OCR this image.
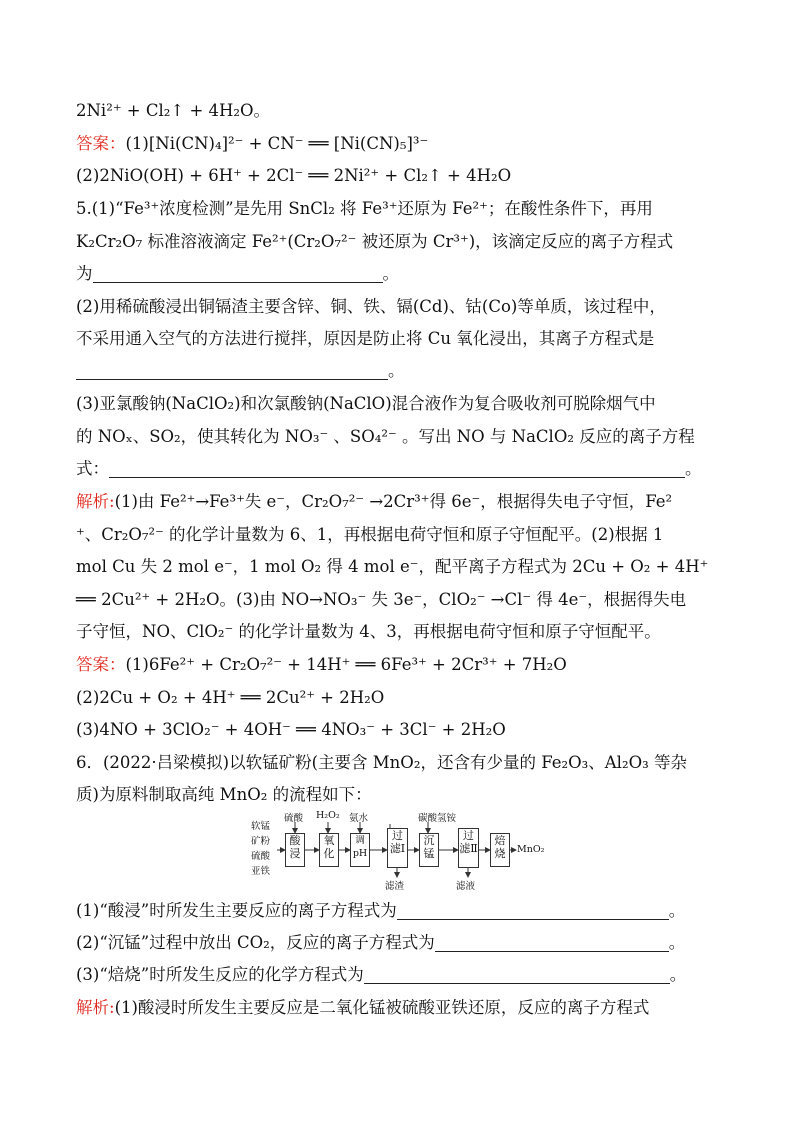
2Ni²⁺ + Cl₂↑ + 4H₂O。
答案：(1)[Ni(CN)₄]²⁻ + CN⁻ ══ [Ni(CN)₅]³⁻
(2)2NiO(OH) + 6H⁺ + 2Cl⁻ ══ 2Ni²⁺ + Cl₂↑ + 4H₂O
5.(1)“Fe³⁺浓度检测”是先用 SnCl₂ 将 Fe³⁺还原为 Fe²⁺；在酸性条件下，再用
K₂Cr₂O₇ 标准溶液滴定 Fe²⁺(Cr₂O₇²⁻ 被还原为 Cr³⁺)，该滴定反应的离子方程式
为	。
(2)用稀硫酸浸出铜镉渣主要含锌、铜、铁、镉(Cd)、钴(Co)等单质，该过程中，
不采用通入空气的方法进行搅拌，原因是防止将 Cu 氧化浸出，其离子方程式是
。
(3)亚氯酸钠(NaClO₂)和次氯酸钠(NaClO)混合液作为复合吸收剂可脱除烟气中
的 NOₓ、SO₂，使其转化为 NO₃⁻ 、SO₄²⁻ 。写出 NO 与 NaClO₂ 反应的离子方程
式：	。
解析:(1)由 Fe²⁺→Fe³⁺失 e⁻，Cr₂O₇²⁻ →2Cr³⁺得 6e⁻，根据得失电子守恒，Fe²
⁺、Cr₂O₇²⁻ 的化学计量数为 6、1，再根据电荷守恒和原子守恒配平。(2)根据 1
mol Cu 失 2 mol e⁻，1 mol O₂ 得 4 mol e⁻，配平离子方程式为 2Cu + O₂ + 4H⁺
══ 2Cu²⁺ + 2H₂O。(3)由 NO→NO₃⁻ 失 3e⁻，ClO₂⁻ →Cl⁻ 得 4e⁻，根据得失电
子守恒，NO、ClO₂⁻ 的化学计量数为 4、3，再根据电荷守恒和原子守恒配平。
答案：(1)6Fe²⁺ + Cr₂O₇²⁻ + 14H⁺ ══ 6Fe³⁺ + 2Cr³⁺ + 7H₂O
(2)2Cu + O₂ + 4H⁺ ══ 2Cu²⁺ + 2H₂O
(3)4NO + 3ClO₂⁻ + 4OH⁻ ══ 4NO₃⁻ + 3Cl⁻ + 2H₂O
6．(2022·吕梁模拟)以软锰矿粉(主要含 MnO₂，还含有少量的 Fe₂O₃、Al₂O₃ 等杂
质)为原料制取高纯 MnO₂ 的流程如下：
软锰
矿粉
硫酸
亚铁
硫酸 H₂O₂ 氨水	碳酸氢铵
酸浸
氧化
调pH
过滤Ⅰ
沉锰
过滤Ⅱ
焙烧	MnO₂
滤渣	滤液
(1)“酸浸”时所发生主要反应的离子方程式为	。
(2)“沉锰”过程中放出 CO₂，反应的离子方程式为	。
(3)“焙烧”时所发生反应的化学方程式为	。
解析:(1)酸浸时所发生主要反应是二氧化锰被硫酸亚铁还原，反应的离子方程式
